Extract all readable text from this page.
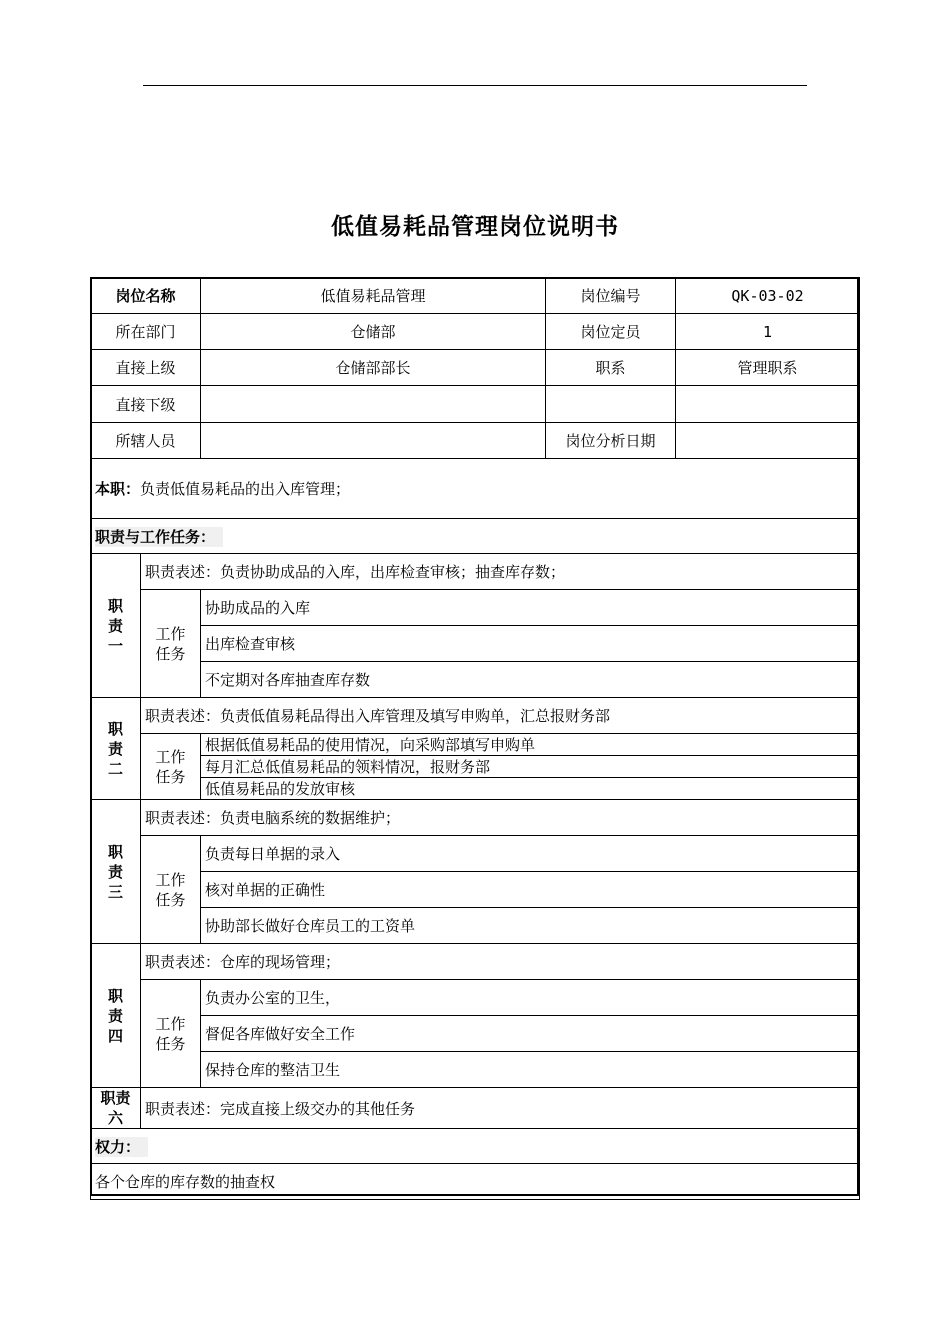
低值易耗品管理岗位说明书
岗位名称		低值易耗品管理	岗位编号	QK-03-02
所在部门		仓储部	岗位定员	1
直接上级		仓储部部长	职系	管理职系
直接下级				
所辖人员			岗位分析日期	
本职：负责低值易耗品的出入库管理；				
职责与工作任务：				
职责一	职责表述：负责协助成品的入库，出库检查审核；抽查库存数；			
	工作任务	协助成品的入库		
		出库检查审核		
		不定期对各库抽查库存数		
职责二	职责表述：负责低值易耗品得出入库管理及填写申购单，汇总报财务部			
	工作任务	根据低值易耗品的使用情况，向采购部填写申购单		
		每月汇总低值易耗品的领料情况，报财务部		
		低值易耗品的发放审核		
职责三	职责表述：负责电脑系统的数据维护；			
	工作任务	负责每日单据的录入		
		核对单据的正确性		
		协助部长做好仓库员工的工资单		
职责四	职责表述：仓库的现场管理；			
	工作任务	负责办公室的卫生，		
		督促各库做好安全工作		
		保持仓库的整洁卫生		
职责六	职责表述：完成直接上级交办的其他任务			
权力：				
各个仓库的库存数的抽查权				
